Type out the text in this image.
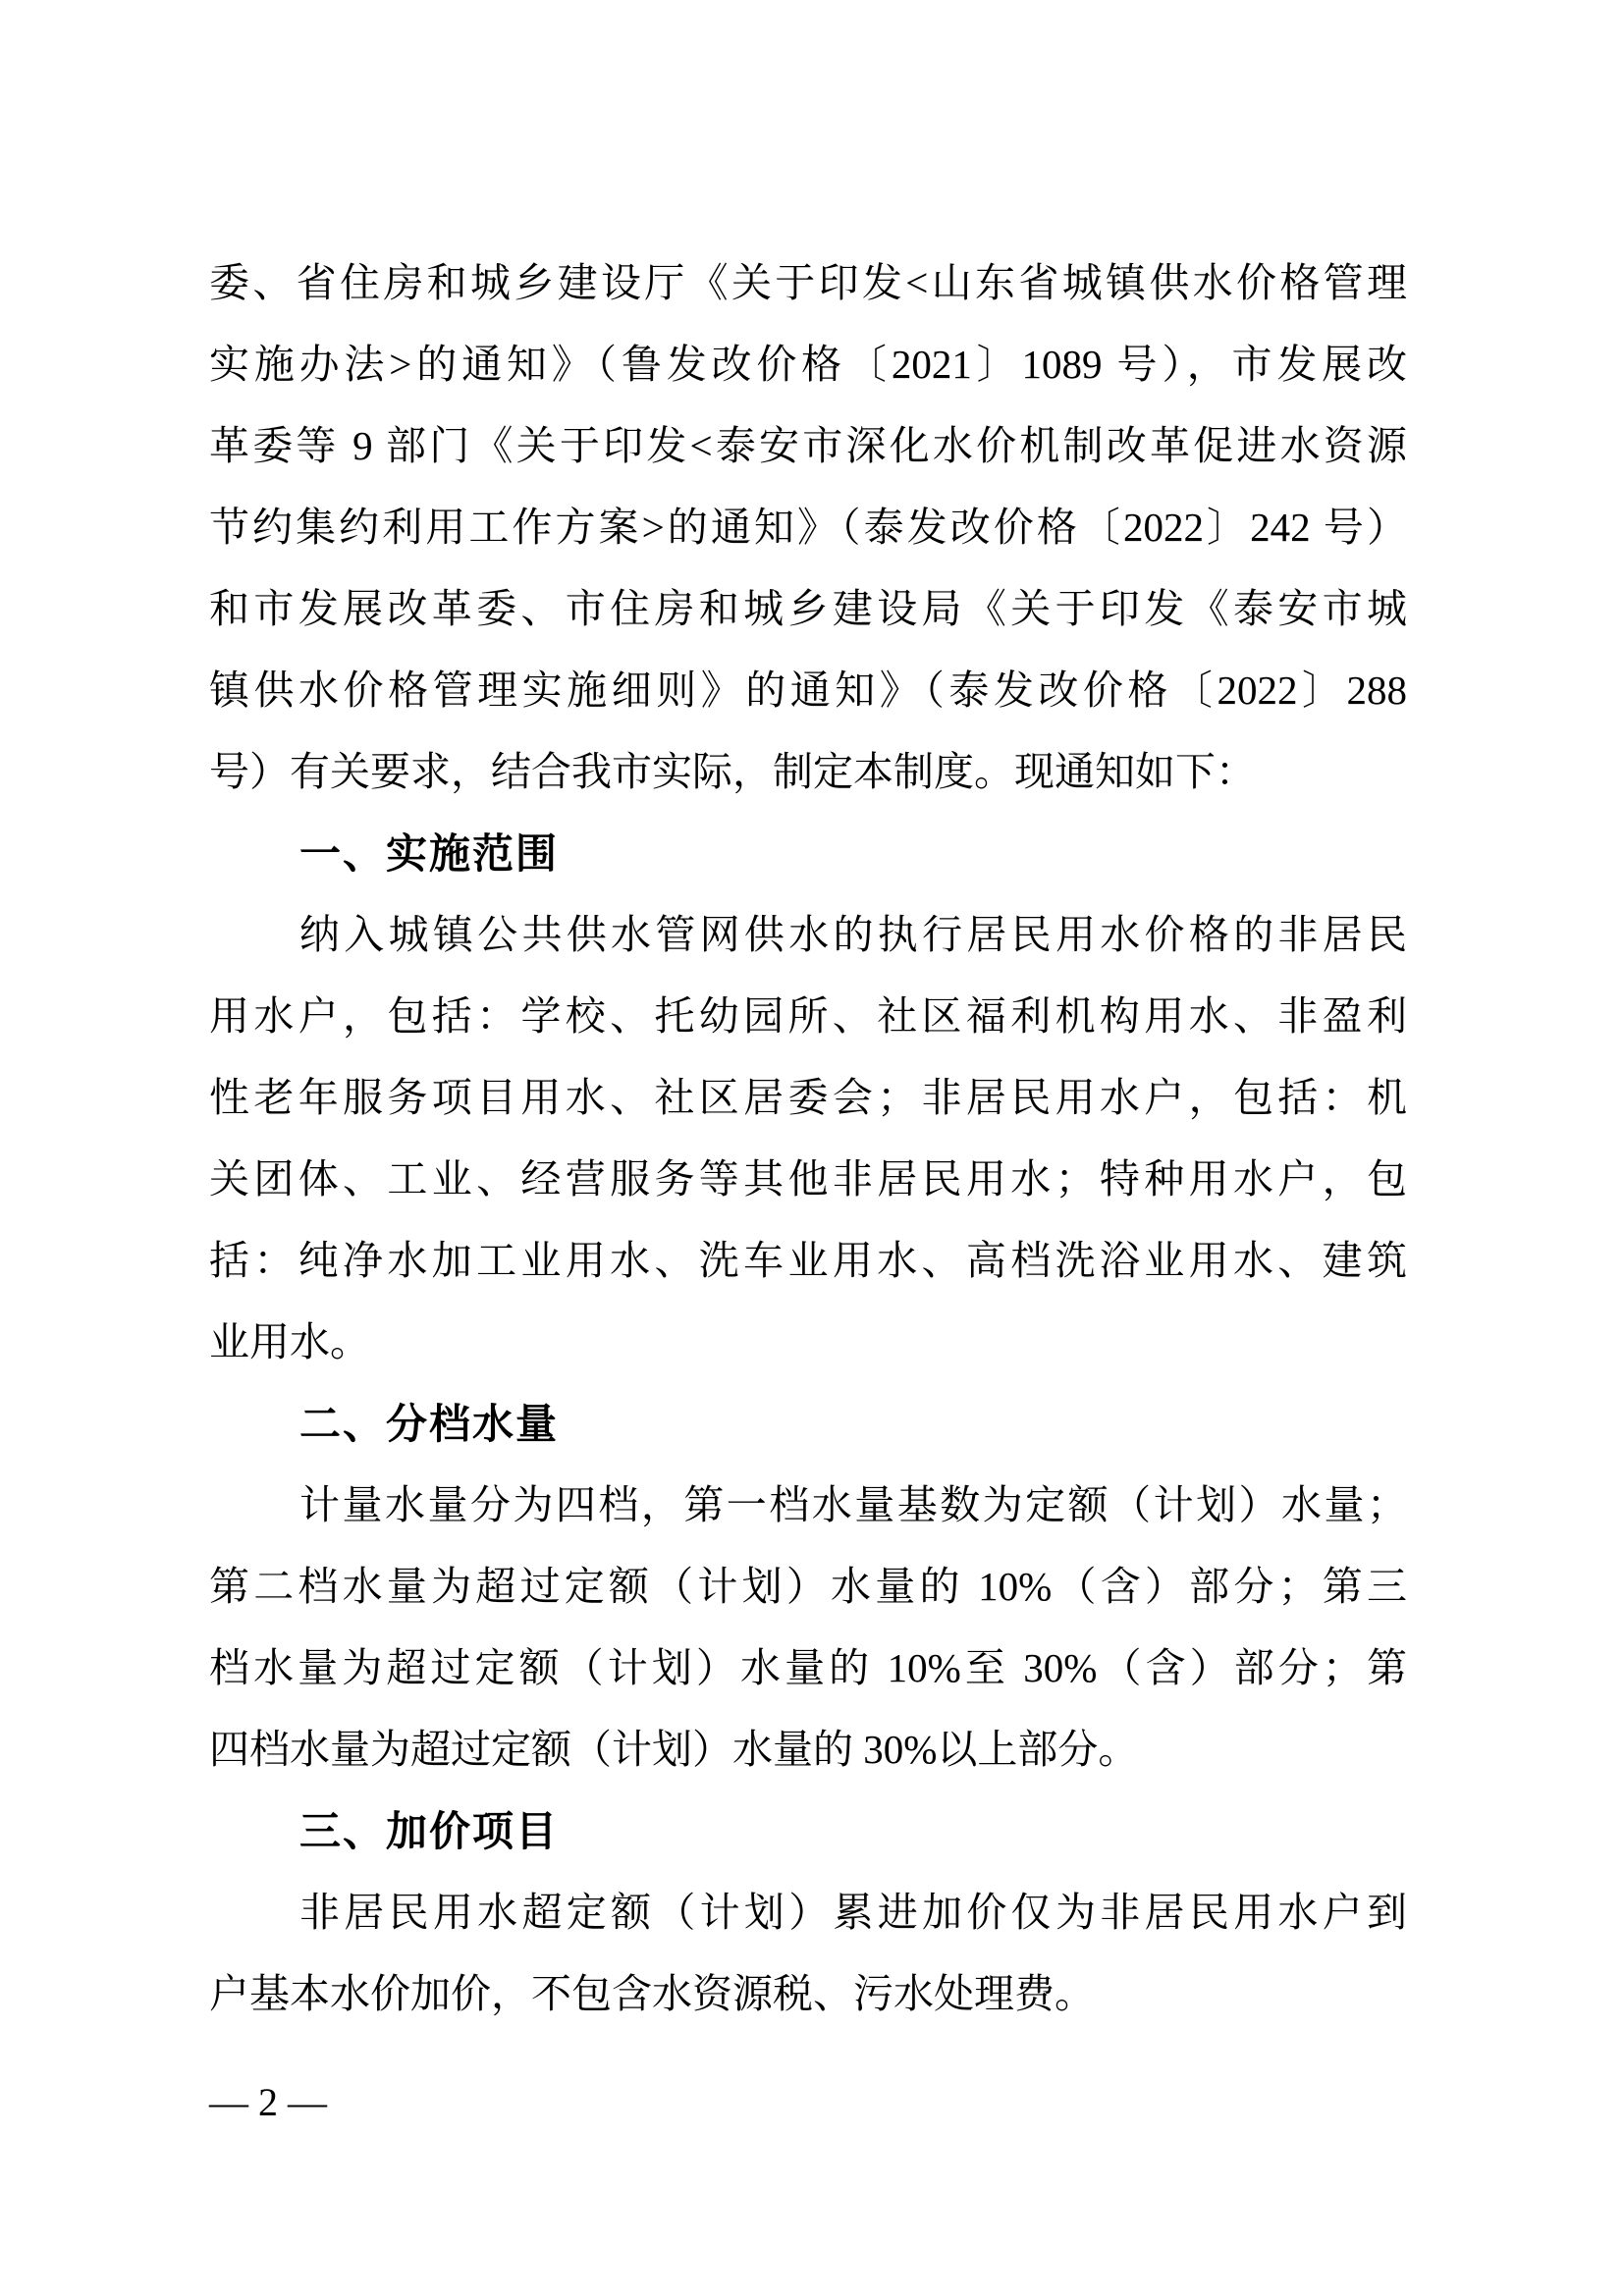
委、省住房和城乡建设厅《关于印发<山东省城镇供水价格管理
实施办法>的通知》（鲁发改价格〔2021〕1089 号），市发展改
革委等 9 部门《关于印发<泰安市深化水价机制改革促进水资源
节约集约利用工作方案>的通知》（泰发改价格〔2022〕242 号）
和市发展改革委、市住房和城乡建设局《关于印发《泰安市城
镇供水价格管理实施细则》的通知》（泰发改价格〔2022〕288
号）有关要求，结合我市实际，制定本制度。现通知如下：
一、实施范围
纳入城镇公共供水管网供水的执行居民用水价格的非居民
用水户，包括：学校、托幼园所、社区福利机构用水、非盈利
性老年服务项目用水、社区居委会；非居民用水户，包括：机
关团体、工业、经营服务等其他非居民用水；特种用水户，包
括：纯净水加工业用水、洗车业用水、高档洗浴业用水、建筑
业用水。
二、分档水量
计量水量分为四档，第一档水量基数为定额（计划）水量；
第二档水量为超过定额（计划）水量的 10%（含）部分；第三
档水量为超过定额（计划）水量的 10%至 30%（含）部分；第
四档水量为超过定额（计划）水量的 30%以上部分。
三、加价项目
非居民用水超定额（计划）累进加价仅为非居民用水户到
户基本水价加价，不包含水资源税、污水处理费。
— 2 —
